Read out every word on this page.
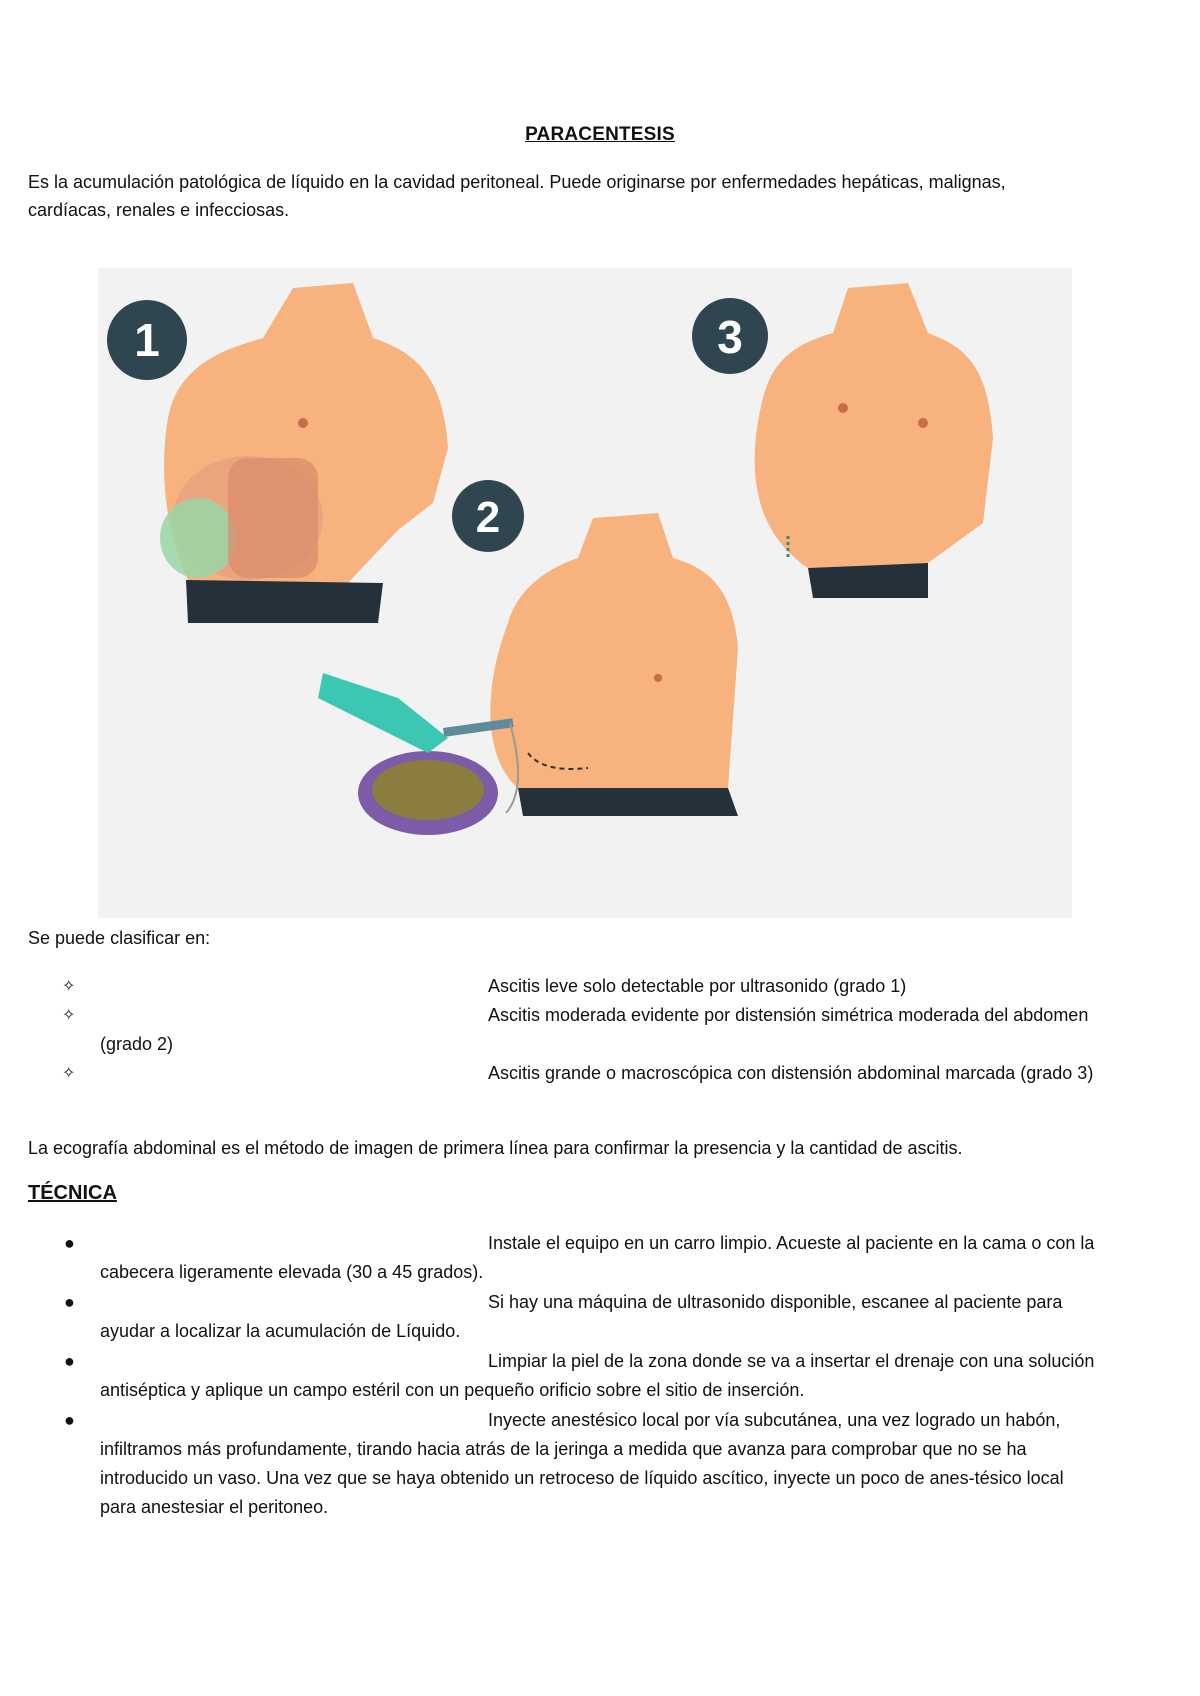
PARACENTESIS
Es la acumulación patológica de líquido en la cavidad peritoneal. Puede originarse por enfermedades hepáticas, malignas, cardíacas, renales e infecciosas.
1
2
3
Se puede clasificar en:
✧	Ascitis leve solo detectable por ultrasonido (grado 1)
✧	Ascitis moderada evidente por distensión simétrica moderada del abdomen (grado 2)
✧	Ascitis grande o macroscópica con distensión abdominal marcada (grado 3)
La ecografía abdominal es el método de imagen de primera línea para confirmar la presencia y la cantidad de ascitis.
TÉCNICA
●	Instale el equipo en un carro limpio. Acueste al paciente en la cama o con la cabecera ligeramente elevada (30 a 45 grados).
●	Si hay una máquina de ultrasonido disponible, escanee al paciente para ayudar a localizar la acumulación de Líquido.
●	Limpiar la piel de la zona donde se va a insertar el drenaje con una solución antiséptica y aplique un campo estéril con un pequeño orificio sobre el sitio de inserción.
●	Inyecte anestésico local por vía subcutánea, una vez logrado un habón, infiltramos más profundamente, tirando hacia atrás de la jeringa a medida que avanza para comprobar que no se ha introducido un vaso. Una vez que se haya obtenido un retroceso de líquido ascítico, inyecte un poco de anes-tésico local para anestesiar el peritoneo.
